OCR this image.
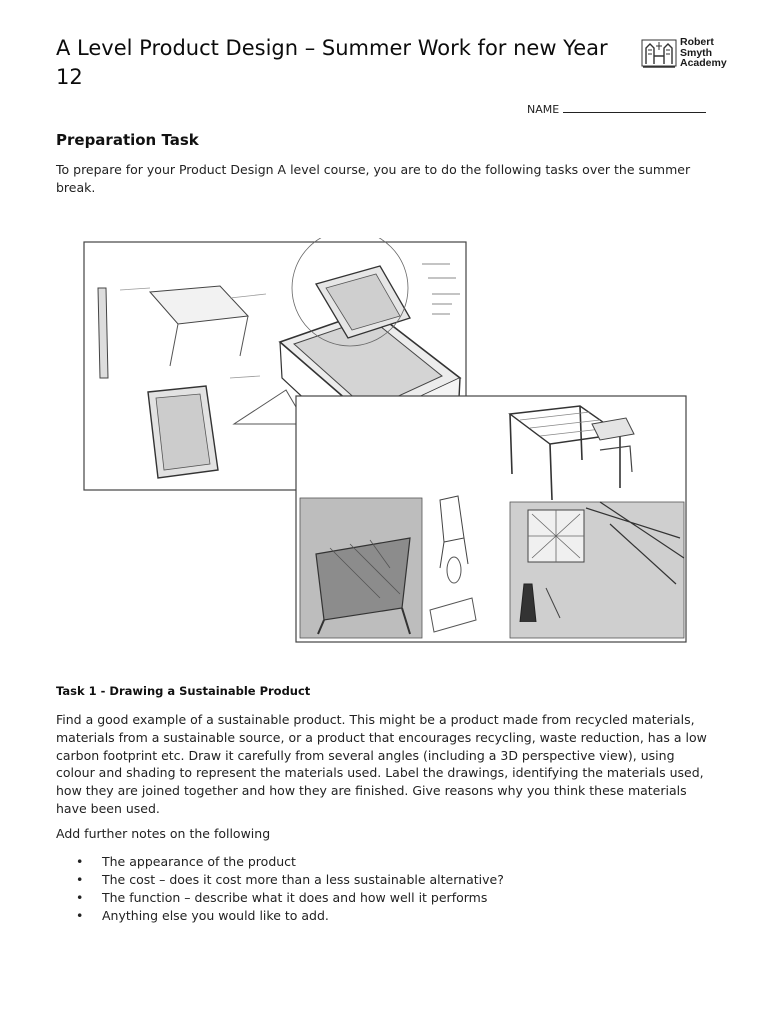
A Level Product Design – Summer Work for new Year 12
Robert
Smyth
Academy
NAME
Preparation Task

To prepare for your Product Design A level course, you are to do the following tasks over the summer break.

Task 1 - Drawing a Sustainable Product

Find a good example of a sustainable product. This might be a product made from recycled materials, materials from a sustainable source, or a product that encourages recycling, waste reduction, has a low carbon footprint etc. Draw it carefully from several angles (including a 3D perspective view), using colour and shading to represent the materials used. Label the drawings, identifying the materials used, how they are joined together and how they are finished. Give reasons why you think these materials have been used.

Add further notes on the following

• The appearance of the product
• The cost – does it cost more than a less sustainable alternative?
• The function – describe what it does and how well it performs
• Anything else you would like to add.
